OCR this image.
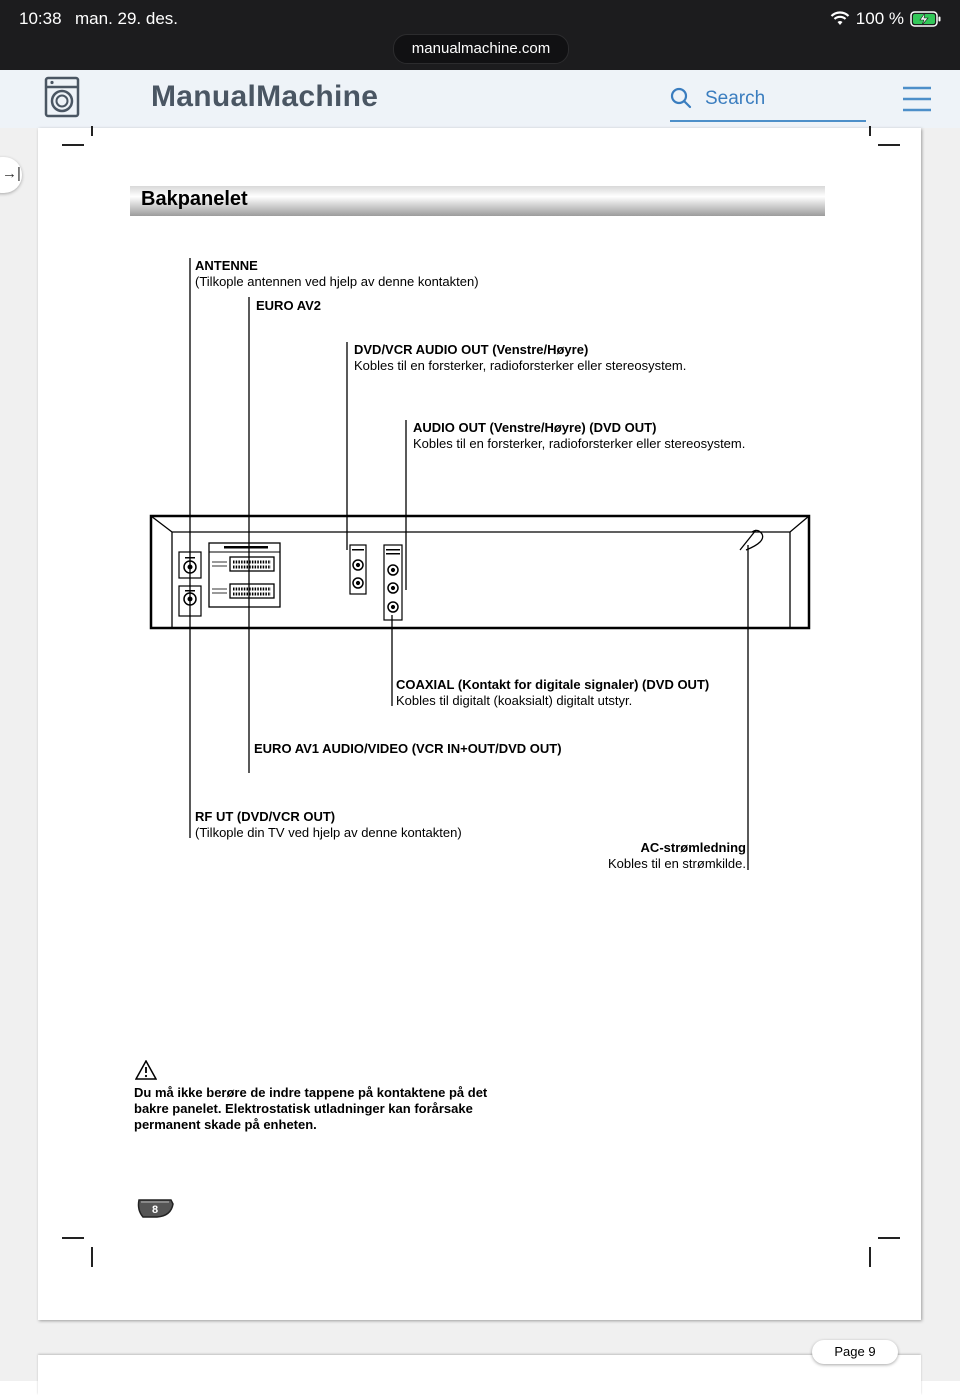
10:38 man. 29. des.	100 %
manualmachine.com
ManualMachine	Search
→|
Bakpanelet
ANTENNE
(Tilkople antennen ved hjelp av denne kontakten)
EURO AV2
DVD/VCR AUDIO OUT (Venstre/Høyre)
Kobles til en forsterker, radioforsterker eller stereosystem.
AUDIO OUT (Venstre/Høyre) (DVD OUT)
Kobles til en forsterker, radioforsterker eller stereosystem.
COAXIAL (Kontakt for digitale signaler) (DVD OUT)
Kobles til digitalt (koaksialt) digitalt utstyr.
EURO AV1 AUDIO/VIDEO (VCR IN+OUT/DVD OUT)
RF UT (DVD/VCR OUT)
(Tilkople din TV ved hjelp av denne kontakten)
AC-strømledning
Kobles til en strømkilde.
Du må ikke berøre de indre tappene på kontaktene på det bakre panelet. Elektrostatisk utladninger kan forårsake permanent skade på enheten.
8
Page 9
